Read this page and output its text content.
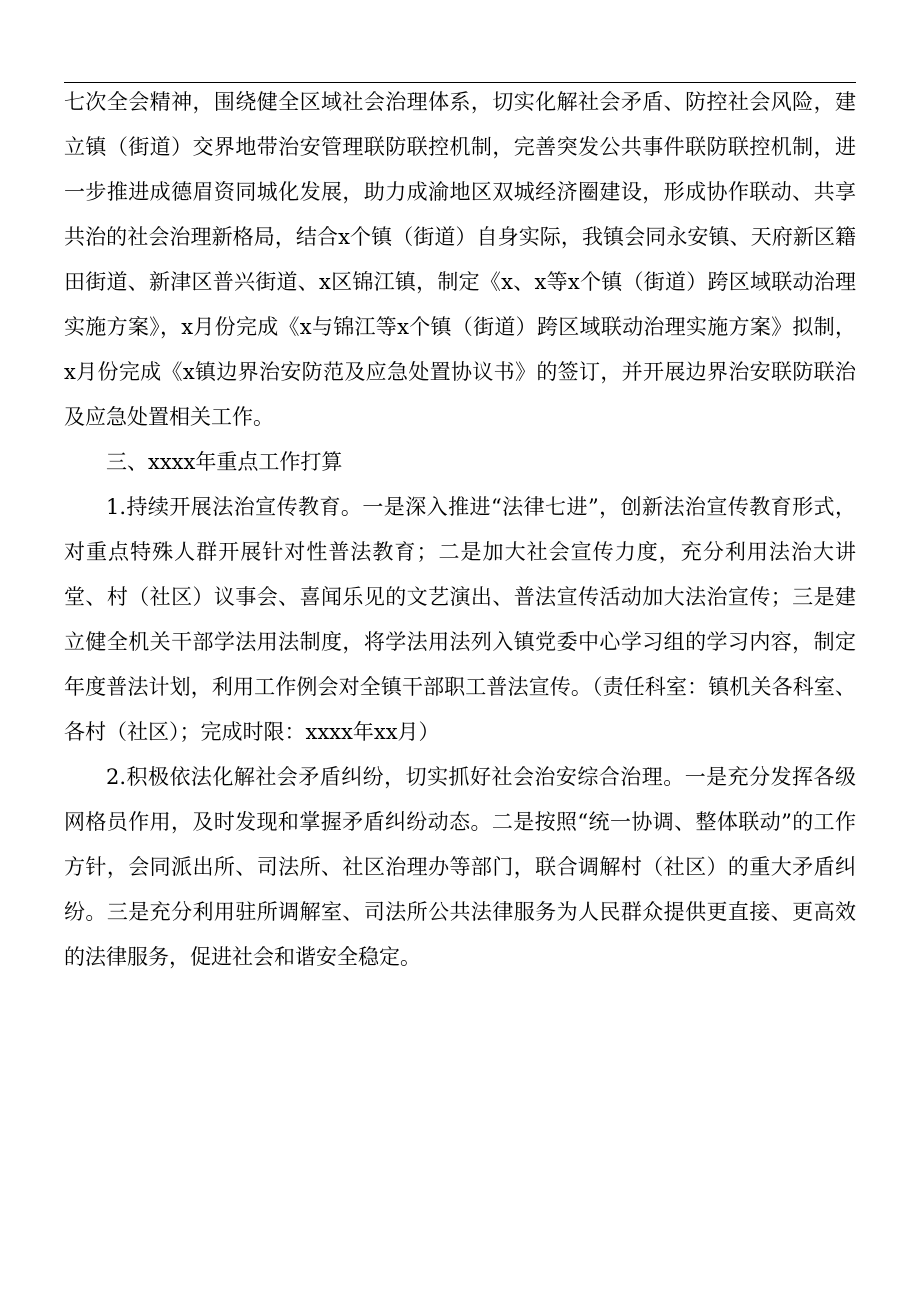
七次全会精神，围绕健全区域社会治理体系，切实化解社会矛盾、防控社会风险，建立镇（街道）交界地带治安管理联防联控机制，完善突发公共事件联防联控机制，进一步推进成德眉资同城化发展，助力成渝地区双城经济圈建设，形成协作联动、共享共治的社会治理新格局，结合x个镇（街道）自身实际，我镇会同永安镇、天府新区籍田街道、新津区普兴街道、x区锦江镇，制定《x、x等x个镇（街道）跨区域联动治理实施方案》，x月份完成《x与锦江等x个镇（街道）跨区域联动治理实施方案》拟制，x月份完成《x镇边界治安防范及应急处置协议书》的签订，并开展边界治安联防联治及应急处置相关工作。

三、xxxx年重点工作打算

1.持续开展法治宣传教育。一是深入推进“法律七进”，创新法治宣传教育形式，对重点特殊人群开展针对性普法教育；二是加大社会宣传力度，充分利用法治大讲堂、村（社区）议事会、喜闻乐见的文艺演出、普法宣传活动加大法治宣传；三是建立健全机关干部学法用法制度，将学法用法列入镇党委中心学习组的学习内容，制定年度普法计划，利用工作例会对全镇干部职工普法宣传。（责任科室：镇机关各科室、各村（社区）；完成时限：xxxx年xx月）

2.积极依法化解社会矛盾纠纷，切实抓好社会治安综合治理。一是充分发挥各级网格员作用，及时发现和掌握矛盾纠纷动态。二是按照“统一协调、整体联动”的工作方针，会同派出所、司法所、社区治理办等部门，联合调解村（社区）的重大矛盾纠纷。三是充分利用驻所调解室、司法所公共法律服务为人民群众提供更直接、更高效的法律服务，促进社会和谐安全稳定。
